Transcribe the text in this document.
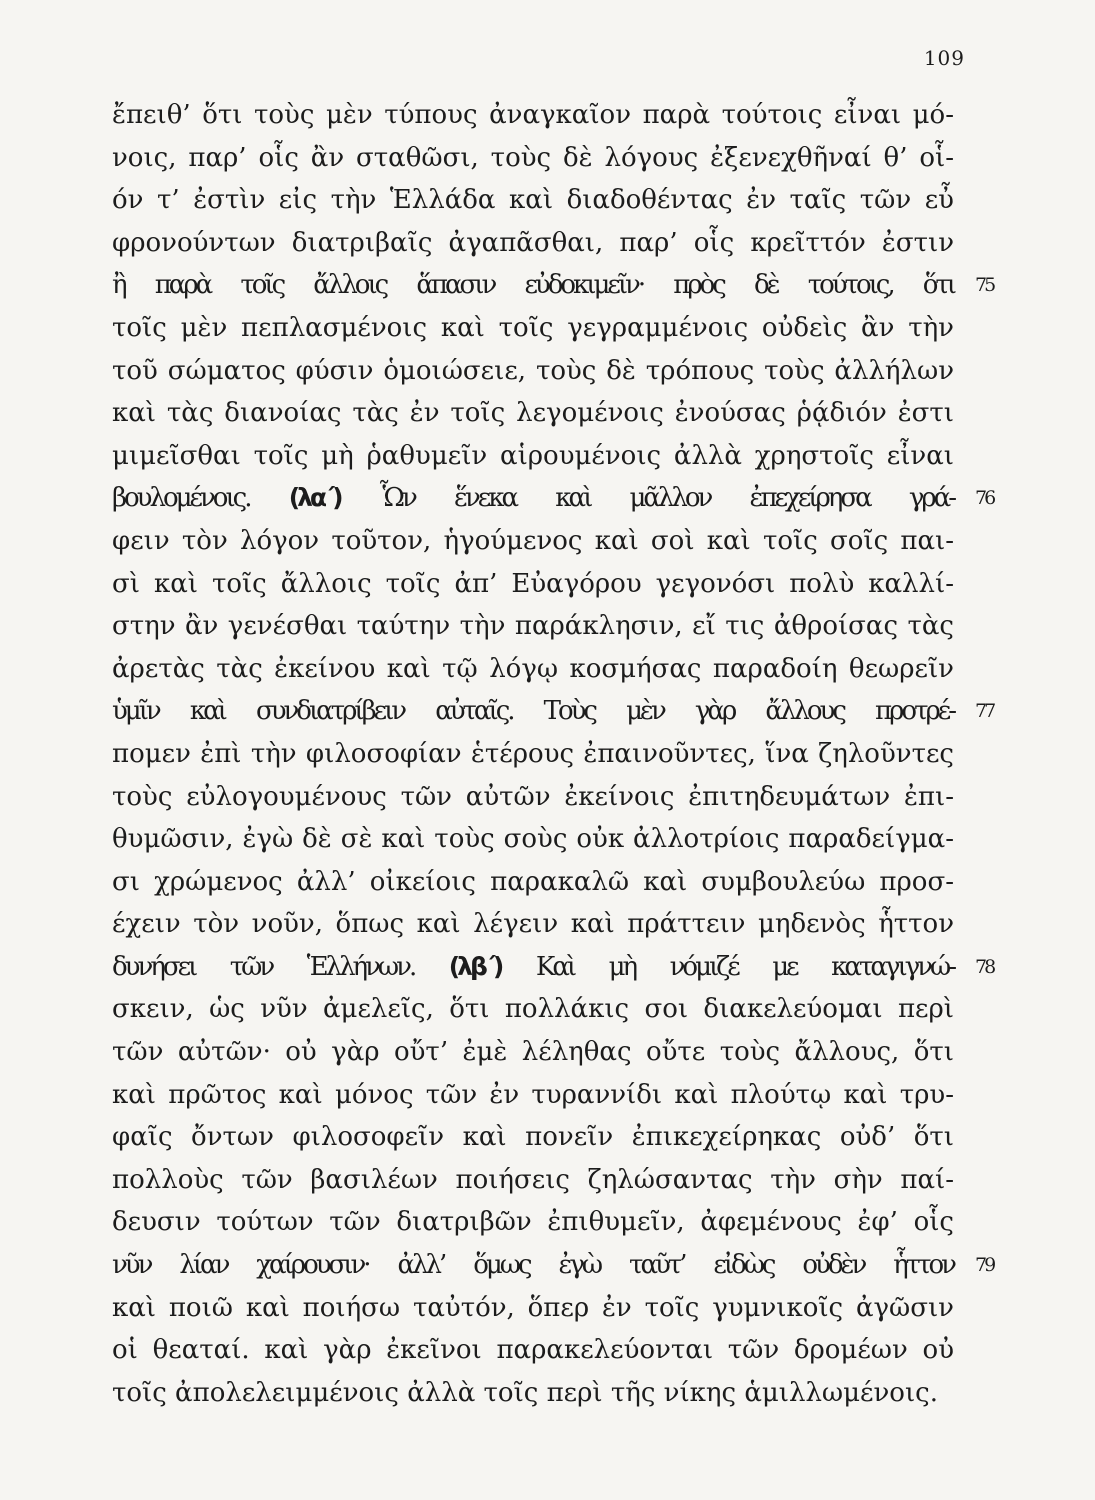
109
ἔπειθ’ ὅτι τοὺς μὲν τύπους ἀναγκαῖον παρὰ τούτοις εἶναι μό-
νοις, παρ’ οἷς ἂν σταθῶσι, τοὺς δὲ λόγους ἐξενεχθῆναί θ’ οἷ-
όν τ’ ἐστὶν εἰς τὴν Ἑλλάδα καὶ διαδοθέντας ἐν ταῖς τῶν εὖ
φρονούντων διατριβαῖς ἀγαπᾶσθαι, παρ’ οἷς κρεῖττόν ἐστιν
ἢ παρὰ τοῖς ἄλλοις ἅπασιν εὐδοκιμεῖν· πρὸς δὲ τούτοις, ὅτι 75
τοῖς μὲν πεπλασμένοις καὶ τοῖς γεγραμμένοις οὐδεὶς ἂν τὴν
τοῦ σώματος φύσιν ὁμοιώσειε, τοὺς δὲ τρόπους τοὺς ἀλλήλων
καὶ τὰς διανοίας τὰς ἐν τοῖς λεγομένοις ἐνούσας ῥᾴδιόν ἐστι
μιμεῖσθαι τοῖς μὴ ῥαθυμεῖν αἱρουμένοις ἀλλὰ χρηστοῖς εἶναι
βουλομένοις. (λα΄) Ὧν ἕνεκα καὶ μᾶλλον ἐπεχείρησα γρά- 76
φειν τὸν λόγον τοῦτον, ἡγούμενος καὶ σοὶ καὶ τοῖς σοῖς παι-
σὶ καὶ τοῖς ἄλλοις τοῖς ἀπ’ Εὐαγόρου γεγονόσι πολὺ καλλί-
στην ἂν γενέσθαι ταύτην τὴν παράκλησιν, εἴ τις ἀθροίσας τὰς
ἀρετὰς τὰς ἐκείνου καὶ τῷ λόγῳ κοσμήσας παραδοίη θεωρεῖν
ὑμῖν καὶ συνδιατρίβειν αὐταῖς. Τοὺς μὲν γὰρ ἄλλους προτρέ- 77
πομεν ἐπὶ τὴν φιλοσοφίαν ἑτέρους ἐπαινοῦντες, ἵνα ζηλοῦντες
τοὺς εὐλογουμένους τῶν αὐτῶν ἐκείνοις ἐπιτηδευμάτων ἐπι-
θυμῶσιν, ἐγὼ δὲ σὲ καὶ τοὺς σοὺς οὐκ ἀλλοτρίοις παραδείγμα-
σι χρώμενος ἀλλ’ οἰκείοις παρακαλῶ καὶ συμβουλεύω προσ-
έχειν τὸν νοῦν, ὅπως καὶ λέγειν καὶ πράττειν μηδενὸς ἧττον
δυνήσει τῶν Ἑλλήνων. (λβ΄) Καὶ μὴ νόμιζέ με καταγιγνώ- 78
σκειν, ὡς νῦν ἀμελεῖς, ὅτι πολλάκις σοι διακελεύομαι περὶ
τῶν αὐτῶν· οὐ γὰρ οὔτ’ ἐμὲ λέληθας οὔτε τοὺς ἄλλους, ὅτι
καὶ πρῶτος καὶ μόνος τῶν ἐν τυραννίδι καὶ πλούτῳ καὶ τρυ-
φαῖς ὄντων φιλοσοφεῖν καὶ πονεῖν ἐπικεχείρηκας οὐδ’ ὅτι
πολλοὺς τῶν βασιλέων ποιήσεις ζηλώσαντας τὴν σὴν παί-
δευσιν τούτων τῶν διατριβῶν ἐπιθυμεῖν, ἀφεμένους ἐφ’ οἷς
νῦν λίαν χαίρουσιν· ἀλλ’ ὅμως ἐγὼ ταῦτ’ εἰδὼς οὐδὲν ἧττον 79
καὶ ποιῶ καὶ ποιήσω ταὐτόν, ὅπερ ἐν τοῖς γυμνικοῖς ἀγῶσιν
οἱ θεαταί. καὶ γὰρ ἐκεῖνοι παρακελεύονται τῶν δρομέων οὐ
τοῖς ἀπολελειμμένοις ἀλλὰ τοῖς περὶ τῆς νίκης ἁμιλλωμένοις.
